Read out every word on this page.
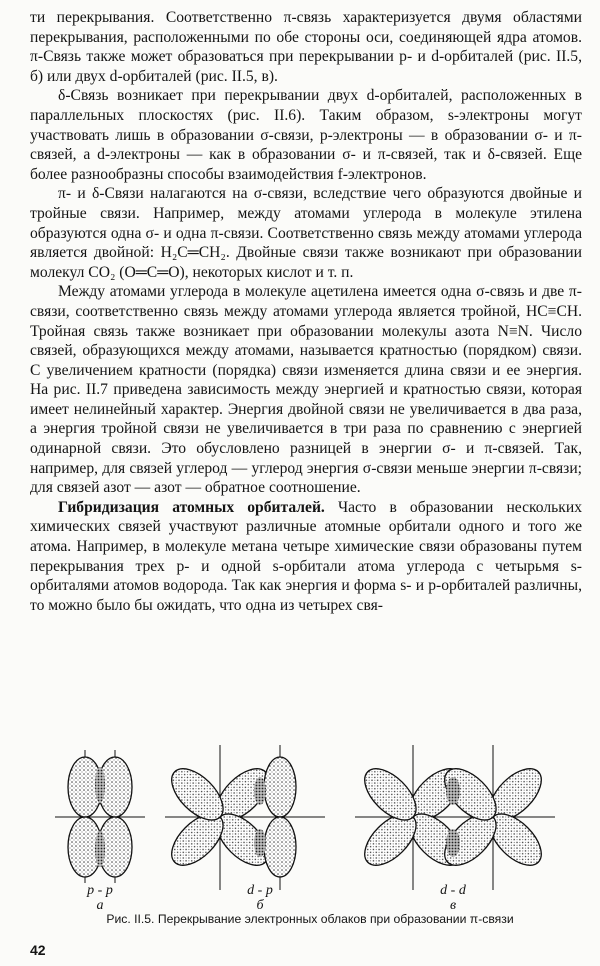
ти перекрывания. Соответственно π-связь характеризуется двумя областями перекрывания, расположенными по обе стороны оси, соединяющей ядра атомов. π-Связь также может образоваться при перекрывании p- и d-орбиталей (рис. II.5, б) или двух d-орбиталей (рис. II.5, в).

δ-Связь возникает при перекрывании двух d-орбиталей, расположенных в параллельных плоскостях (рис. II.6). Таким образом, s-электроны могут участвовать лишь в образовании σ-связи, p-электроны — в образовании σ- и π-связей, а d-электроны — как в образовании σ- и π-связей, так и δ-связей. Еще более разнообразны способы взаимодействия f-электронов.

π- и δ-Связи налагаются на σ-связи, вследствие чего образуются двойные и тройные связи. Например, между атомами углерода в молекуле этилена образуются одна σ- и одна π-связи. Соответственно связь между атомами углерода является двойной: H₂C═CH₂. Двойные связи также возникают при образовании молекул CO₂ (O═C═O), некоторых кислот и т. п.

Между атомами углерода в молекуле ацетилена имеется одна σ-связь и две π-связи, соответственно связь между атомами углерода является тройной, HC≡CH. Тройная связь также возникает при образовании молекулы азота N≡N. Число связей, образующихся между атомами, называется кратностью (порядком) связи. С увеличением кратности (порядка) связи изменяется длина связи и ее энергия. На рис. II.7 приведена зависимость между энергией и кратностью связи, которая имеет нелинейный характер. Энергия двойной связи не увеличивается в два раза, а энергия тройной связи не увеличивается в три раза по сравнению с энергией одинарной связи. Это обусловлено разницей в энергии σ- и π-связей. Так, например, для связей углерод — углерод энергия σ-связи меньше энергии π-связи; для связей азот — азот — обратное соотношение.

Гибридизация атомных орбиталей. Часто в образовании нескольких химических связей участвуют различные атомные орбитали одного и того же атома. Например, в молекуле метана четыре химические связи образованы путем перекрывания трех p- и одной s-орбитали атома углерода с четырьмя s-орбиталями атомов водорода. Так как энергия и форма s- и p-орбиталей различны, то можно было бы ожидать, что одна из четырех свя-

p - p
а
d - p
б
d - d
в
Рис. II.5. Перекрывание электронных облаков при образовании π-связи
42
